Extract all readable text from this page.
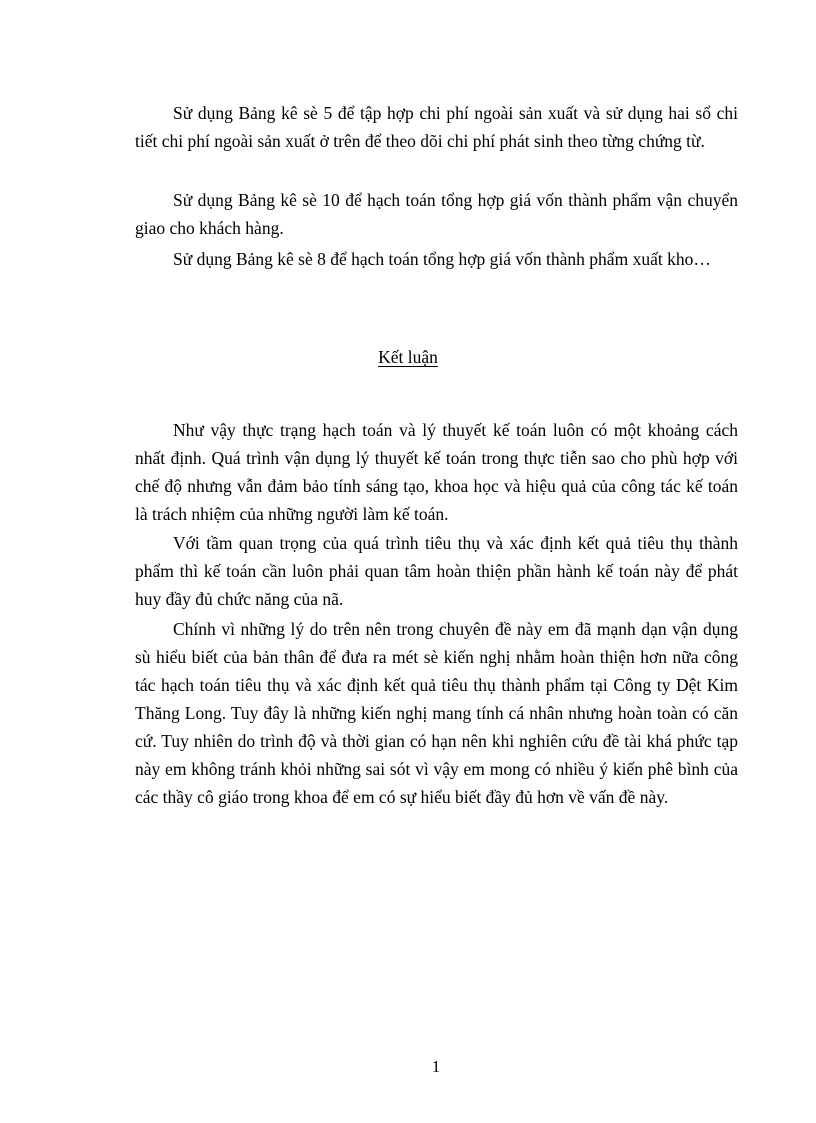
Sử dụng Bảng kê sè 5 để tập hợp chi phí ngoài sản xuất và sử dụng hai sổ chi tiết chi phí ngoài sản xuất ở trên để theo dõi chi phí phát sinh theo từng chứng từ.

Sử dụng Bảng kê sè 10 để hạch toán tổng hợp giá vốn thành phẩm vận chuyển giao cho khách hàng.

Sử dụng Bảng kê sè 8 để hạch toán tổng hợp giá vốn thành phẩm xuất kho…

Kết luận

Như vậy thực trạng hạch toán và lý thuyết kế toán luôn có một khoảng cách nhất định. Quá trình vận dụng lý thuyết kế toán trong thực tiễn sao cho phù hợp với chế độ nhưng vẫn đảm bảo tính sáng tạo, khoa học và hiệu quả của công tác kế toán là trách nhiệm của những người làm kế toán.

Với tầm quan trọng của quá trình tiêu thụ và xác định kết quả tiêu thụ thành phẩm thì kế toán cần luôn phải quan tâm hoàn thiện phần hành kế toán này để phát huy đầy đủ chức năng của nã.

Chính vì những lý do trên nên trong chuyên đề này em đã mạnh dạn vận dụng sù hiểu biết của bản thân để đưa ra mét sè kiến nghị nhằm hoàn thiện hơn nữa công tác hạch toán tiêu thụ và xác định kết quả tiêu thụ thành phẩm tại Công ty Dệt Kim Thăng Long. Tuy đây là những kiến nghị mang tính cá nhân nhưng hoàn toàn có căn cứ. Tuy nhiên do trình độ và thời gian có hạn nên khi nghiên cứu đề tài khá phức tạp này em không tránh khỏi những sai sót vì vậy em mong có nhiều ý kiến phê bình của các thầy cô giáo trong khoa để em có sự hiểu biết đầy đủ hơn về vấn đề này.

1
